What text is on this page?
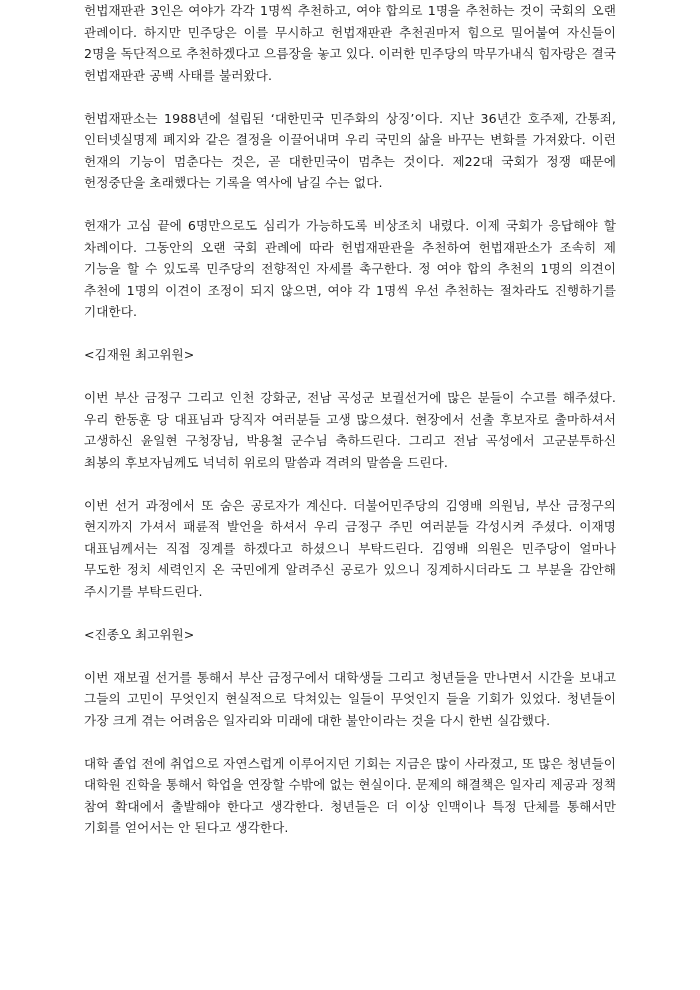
헌법재판관 3인은 여야가 각각 1명씩 추천하고, 여야 합의로 1명을 추천하는 것이 국회의 오랜 관례이다. 하지만 민주당은 이를 무시하고 헌법재판관 추천권마저 힘으로 밀어붙여 자신들이 2명을 독단적으로 추천하겠다고 으름장을 놓고 있다. 이러한 민주당의 막무가내식 힘자랑은 결국 헌법재판관 공백 사태를 불러왔다.

헌법재판소는 1988년에 설립된 ‘대한민국 민주화의 상징’이다. 지난 36년간 호주제, 간통죄, 인터넷실명제 폐지와 같은 결정을 이끌어내며 우리 국민의 삶을 바꾸는 변화를 가져왔다. 이런 헌재의 기능이 멈춘다는 것은, 곧 대한민국이 멈추는 것이다. 제22대 국회가 정쟁 때문에 헌정중단을 초래했다는 기록을 역사에 남길 수는 없다.

헌재가 고심 끝에 6명만으로도 심리가 가능하도록 비상조치 내렸다. 이제 국회가 응답해야 할 차례이다. 그동안의 오랜 국회 관례에 따라 헌법재판관을 추천하여 헌법재판소가 조속히 제 기능을 할 수 있도록 민주당의 전향적인 자세를 촉구한다. 정 여야 합의 추천의 1명의 의견이 추천에 1명의 이견이 조정이 되지 않으면, 여야 각 1명씩 우선 추천하는 절차라도 진행하기를 기대한다.

<김재원 최고위원>

이번 부산 금정구 그리고 인천 강화군, 전남 곡성군 보궐선거에 많은 분들이 수고를 해주셨다. 우리 한동훈 당 대표님과 당직자 여러분들 고생 많으셨다. 현장에서 선출 후보자로 출마하셔서 고생하신 윤일현 구청장님, 박용철 군수님 축하드린다. 그리고 전남 곡성에서 고군분투하신 최봉의 후보자님께도 넉넉히 위로의 말씀과 격려의 말씀을 드린다.

이번 선거 과정에서 또 숨은 공로자가 계신다. 더불어민주당의 김영배 의원님, 부산 금정구의 현지까지 가셔서 패륜적 발언을 하셔서 우리 금정구 주민 여러분들 각성시켜 주셨다. 이재명 대표님께서는 직접 징계를 하겠다고 하셨으니 부탁드린다. 김영배 의원은 민주당이 얼마나 무도한 정치 세력인지 온 국민에게 알려주신 공로가 있으니 징계하시더라도 그 부분을 감안해 주시기를 부탁드린다.

<진종오 최고위원>

이번 재보궐 선거를 통해서 부산 금정구에서 대학생들 그리고 청년들을 만나면서 시간을 보내고 그들의 고민이 무엇인지 현실적으로 닥쳐있는 일들이 무엇인지 들을 기회가 있었다. 청년들이 가장 크게 겪는 어려움은 일자리와 미래에 대한 불안이라는 것을 다시 한번 실감했다.

대학 졸업 전에 취업으로 자연스럽게 이루어지던 기회는 지금은 많이 사라졌고, 또 많은 청년들이 대학원 진학을 통해서 학업을 연장할 수밖에 없는 현실이다. 문제의 해결책은 일자리 제공과 정책 참여 확대에서 출발해야 한다고 생각한다. 청년들은 더 이상 인맥이나 특정 단체를 통해서만 기회를 얻어서는 안 된다고 생각한다.
